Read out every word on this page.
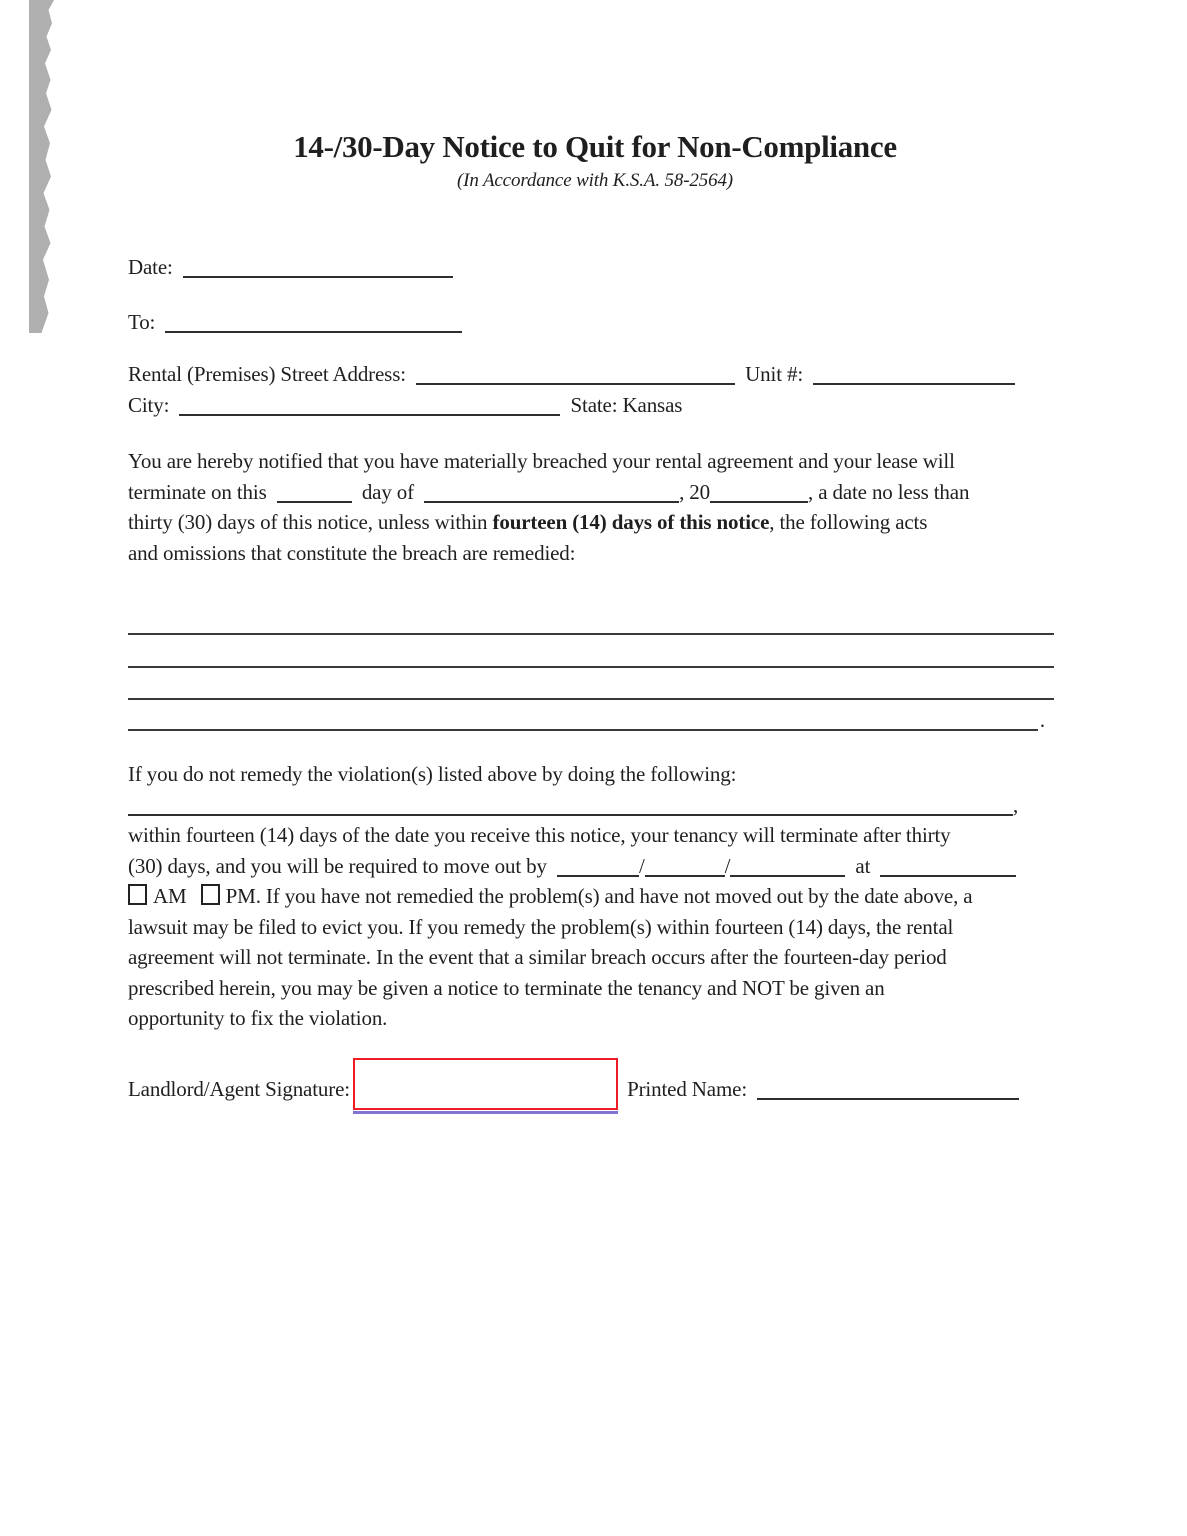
14-/30-Day Notice to Quit for Non-Compliance
(In Accordance with K.S.A. 58-2564)
Date:
To:
Rental (Premises) Street Address:	Unit #:
City:	State: Kansas
You are hereby notified that you have materially breached your rental agreement and your lease will
terminate on this	day of	, 20	, a date no less than
thirty (30) days of this notice, unless within fourteen (14) days of this notice, the following acts
and omissions that constitute the breach are remedied:
.
If you do not remedy the violation(s) listed above by doing the following:
,
within fourteen (14) days of the date you receive this notice, your tenancy will terminate after thirty
(30) days, and you will be required to move out by	/	/	at
AM PM. If you have not remedied the problem(s) and have not moved out by the date above, a
lawsuit may be filed to evict you. If you remedy the problem(s) within fourteen (14) days, the rental
agreement will not terminate. In the event that a similar breach occurs after the fourteen-day period
prescribed herein, you may be given a notice to terminate the tenancy and NOT be given an
opportunity to fix the violation.
Landlord/Agent Signature:	Printed Name:
